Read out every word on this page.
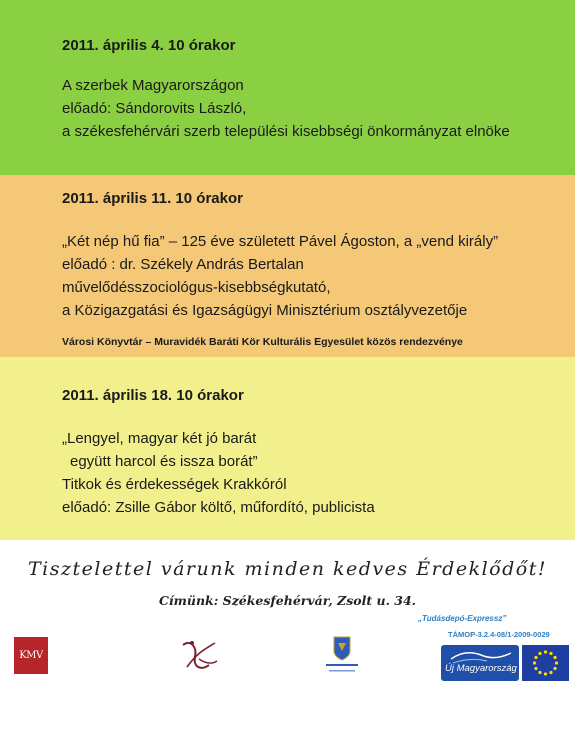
2011. április 4. 10 órakor
A szerbek Magyarországon
előadó: Sándorovits László,
a székesfehérvári szerb települési kisebbségi önkormányzat elnöke
2011. április 11. 10 órakor
„Két nép hű fia” – 125 éve született Pável Ágoston, a „vend király”
előadó : dr. Székely András Bertalan
művelődésszociológus-kisebbségkutató,
a Közigazgatási és Igazságügyi Minisztérium osztályvezetője
Városi Könyvtár – Muravidék Baráti Kör Kulturális Egyesület közös rendezvénye
2011. április 18. 10 órakor
„Lengyel, magyar két jó barát
együtt harcol és issza borát”
Titkok és érdekességek Krakkóról
előadó: Zsille Gábor költő, műfordító, publicista
Tisztelettel várunk minden kedves Érdeklődőt!
Címünk: Székesfehérvár, Zsolt u. 34.
KMV
„Tudásdepó-Expressz”
TÁMOP-3.2.4-08/1-2009-0029
Új Magyarország
